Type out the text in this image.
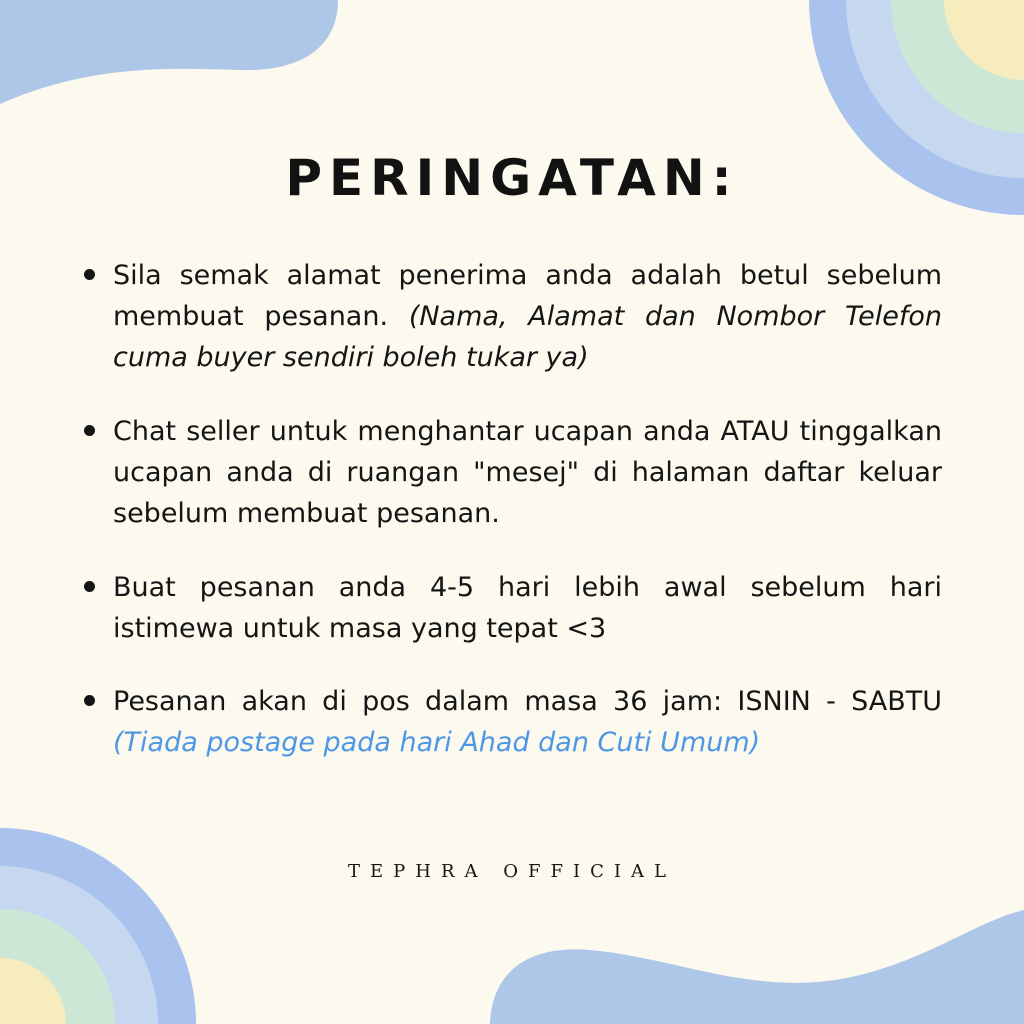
PERINGATAN:
Sila semak alamat penerima anda adalah betul sebelum membuat pesanan. (Nama, Alamat dan Nombor Telefon cuma buyer sendiri boleh tukar ya)
Chat seller untuk menghantar ucapan anda ATAU tinggalkan ucapan anda di ruangan "mesej" di halaman daftar keluar sebelum membuat pesanan.
Buat pesanan anda 4-5 hari lebih awal sebelum hari istimewa untuk masa yang tepat <3
Pesanan akan di pos dalam masa 36 jam: ISNIN - SABTU (Tiada postage pada hari Ahad dan Cuti Umum)

TEPHRA OFFICIAL
